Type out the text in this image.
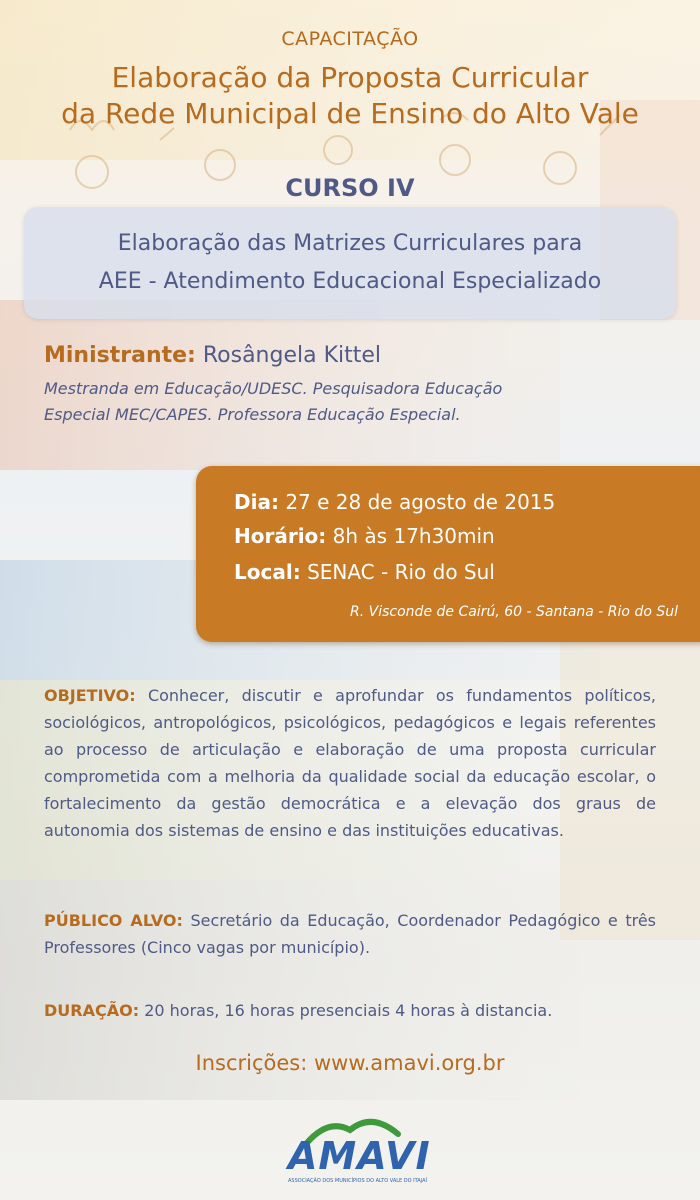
CAPACITAÇÃO
Elaboração da Proposta Curricular
da Rede Municipal de Ensino do Alto Vale
CURSO IV
Elaboração das Matrizes Curriculares para
AEE - Atendimento Educacional Especializado
Ministrante: Rosângela Kittel
Mestranda em Educação/UDESC. Pesquisadora Educação
Especial MEC/CAPES. Professora Educação Especial.
Dia: 27 e 28 de agosto de 2015
Horário: 8h às 17h30min
Local: SENAC - Rio do Sul
R. Visconde de Cairú, 60 - Santana - Rio do Sul
OBJETIVO: Conhecer, discutir e aprofundar os fundamentos políticos, sociológicos, antropológicos, psicológicos, pedagógicos e legais referentes ao processo de articulação e elaboração de uma proposta curricular comprometida com a melhoria da qualidade social da educação escolar, o fortalecimento da gestão democrática e a elevação dos graus de autonomia dos sistemas de ensino e das instituições educativas.
PÚBLICO ALVO: Secretário da Educação, Coordenador Pedagógico e três Professores (Cinco vagas por município).
DURAÇÃO: 20 horas, 16 horas presenciais 4 horas à distancia.
Inscrições: www.amavi.org.br
AMAVI
ASSOCIAÇÃO DOS MUNICÍPIOS DO ALTO VALE DO ITAJAÍ
